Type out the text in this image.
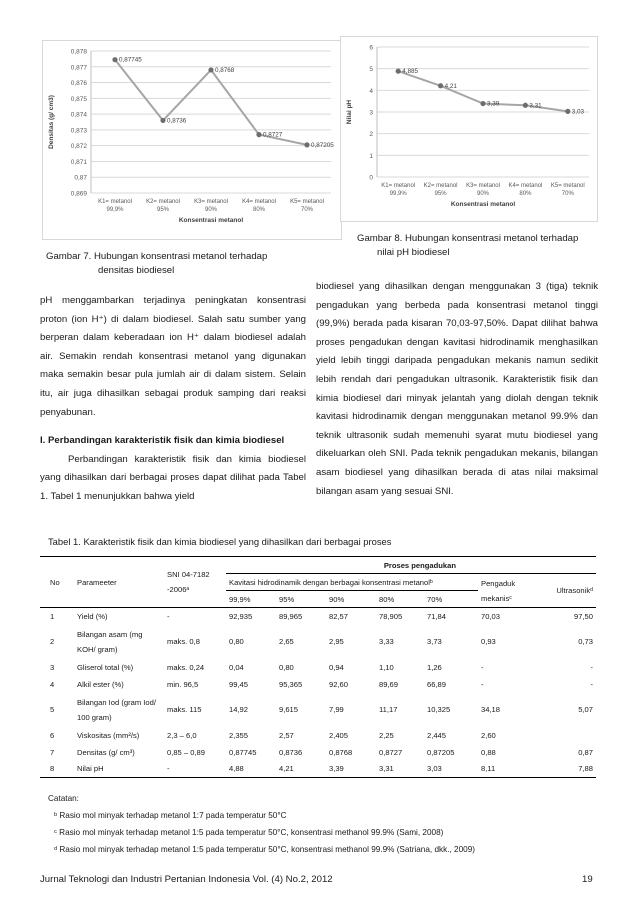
0,878
0,877
0,876
0,875
0,874
0,873
0,872
0,871
0,87
0,869
0,87745
0,8736
0,8768
0,8727
0,87205
K1= metanol
99,9%
K2= metanol
95%
K3= metanol
90%
K4= metanol
80%
K5= metanol
70%
Konsentrasi metanol
Densitas (g/ cm3)
Gambar 7. Hubungan konsentrasi metanol terhadap
densitas biodiesel
6
5
4
3
2
1
0
4,885
4,21
3,39	3,31
3,03
K1= metanol
99,9%
K2= metanol
95%
K3= metanol
90%
K4= metanol
80%
K5= metanol
70%
Konsentrasi metanol
Nilai pH
Gambar 8. Hubungan konsentrasi metanol terhadap
nilai pH biodiesel

pH menggambarkan terjadinya peningkatan konsentrasi proton (ion H⁺) di dalam biodiesel. Salah satu sumber yang berperan dalam keberadaan ion H⁺ dalam biodiesel adalah air. Semakin rendah konsentrasi metanol yang digunakan maka semakin besar pula jumlah air di dalam sistem. Selain itu, air juga dihasilkan sebagai produk samping dari reaksi penyabunan.

I. Perbandingan karakteristik fisik dan kimia biodiesel

Perbandingan karakteristik fisik dan kimia biodiesel yang dihasilkan dari berbagai proses dapat dilihat pada Tabel 1. Tabel 1 menunjukkan bahwa yield

biodiesel yang dihasilkan dengan menggunakan 3 (tiga) teknik pengadukan yang berbeda pada konsentrasi metanol tinggi (99,9%) berada pada kisaran 70,03-97,50%. Dapat dilihat bahwa proses pengadukan dengan kavitasi hidrodinamik menghasilkan yield lebih tinggi daripada pengadukan mekanis namun sedikit lebih rendah dari pengadukan ultrasonik. Karakteristik fisik dan kimia biodiesel dari minyak jelantah yang diolah dengan teknik kavitasi hidrodinamik dengan menggunakan metanol 99.9% dan teknik ultrasonik sudah memenuhi syarat mutu biodiesel yang dikeluarkan oleh SNI. Pada teknik pengadukan mekanis, bilangan asam biodiesel yang dihasilkan berada di atas nilai maksimal bilangan asam yang sesuai SNI.

Tabel 1. Karakteristik fisik dan kimia biodiesel yang dihasilkan dari berbagai proses
No	Parameeter	SNI 04-7182 -2006ᵃ	Proses pengadukan						
			Kavitasi hidrodinamik dengan berbagai konsentrasi metanolᵇ					Pengaduk mekanisᶜ	Ultrasonikᵈ
			99,9%	95%	90%	80%	70%		
1	Yield (%)	-	92,935	89,965	82,57	78,905	71,84	70,03	97,50
2	Bilangan asam (mg KOH/ gram)	maks. 0,8	0,80	2,65	2,95	3,33	3,73	0,93	0,73
3	Gliserol total (%)	maks. 0,24	0,04	0,80	0,94	1,10	1,26	-	-
4	Alkil ester (%)	min. 96,5	99,45	95,365	92,60	89,69	66,89	-	-
5	Bilangan Iod (gram Iod/ 100 gram)	maks. 115	14,92	9,615	7,99	11,17	10,325	34,18	5,07
6	Viskositas (mm²/s)	2,3 – 6,0	2,355	2,57	2,405	2,25	2,445	2,60	
7	Densitas (g/ cm³)	0,85 – 0,89	0,87745	0,8736	0,8768	0,8727	0,87205	0,88	0,87
8	Nilai pH	-	4,88	4,21	3,39	3,31	3,03	8,11	7,88
Catatan:
ᵇ Rasio mol minyak terhadap metanol 1:7 pada temperatur 50°C
ᶜ Rasio mol minyak terhadap metanol 1:5 pada temperatur 50°C, konsentrasi methanol 99.9% (Sami, 2008)
ᵈ Rasio mol minyak terhadap metanol 1:5 pada temperatur 50°C, konsentrasi methanol 99.9% (Satriana, dkk., 2009)
Jurnal Teknologi dan Industri Pertanian Indonesia Vol. (4) No.2, 2012	19
